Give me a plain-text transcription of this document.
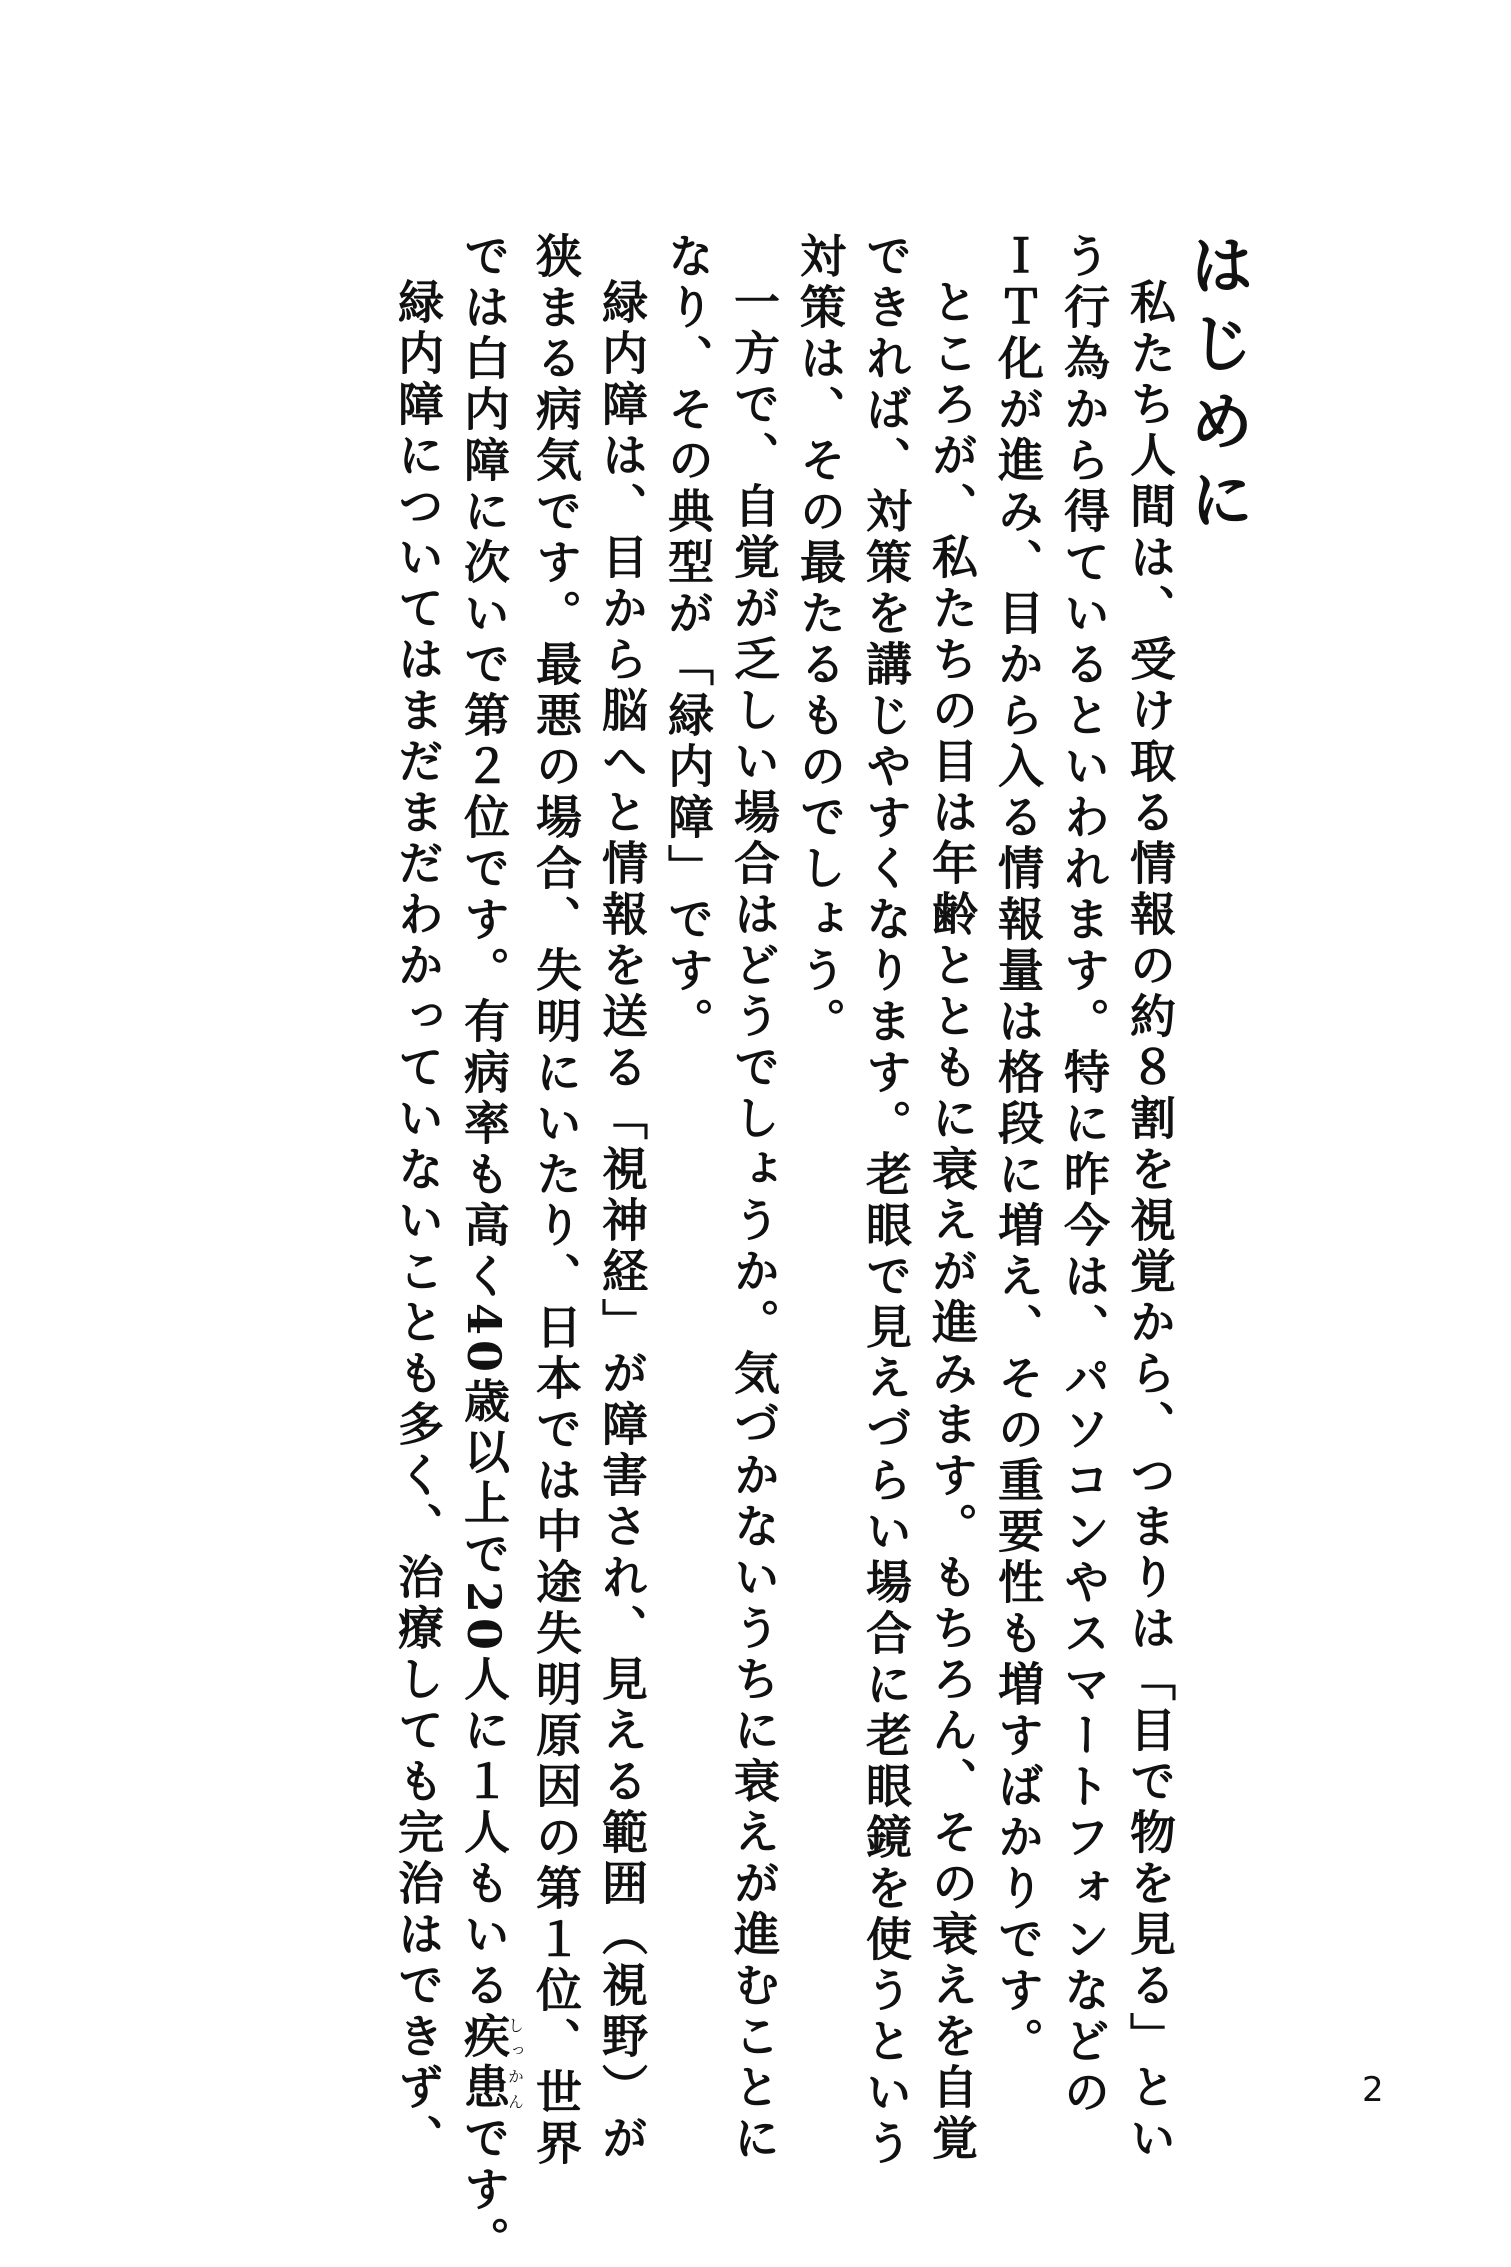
はじめに
私たち人間は、受け取る情報の約８割を視覚から、つまりは「目で物を見る」とい
う行為から得ているといわれます。特に昨今は、パソコンやスマートフォンなどの
ＩＴ化が進み、目から入る情報量は格段に増え、その重要性も増すばかりです。
ところが、私たちの目は年齢とともに衰えが進みます。もちろん、その衰えを自覚
できれば、対策を講じやすくなります。老眼で見えづらい場合に老眼鏡を使うという
対策は、その最たるものでしょう。
一方で、自覚が乏しい場合はどうでしょうか。気づかないうちに衰えが進むことに
なり、その典型が「緑内障」です。
緑内障は、目から脳へと情報を送る「視神経」が障害され、見える範囲（視野）が
狭まる病気です。最悪の場合、失明にいたり、日本では中途失明原因の第１位、世界
では白内障に次いで第２位です。有病率も高く40歳以上で20人に１人もいる疾患しっかんです。
緑内障についてはまだまだわかっていないことも多く、治療しても完治はできず、	2
